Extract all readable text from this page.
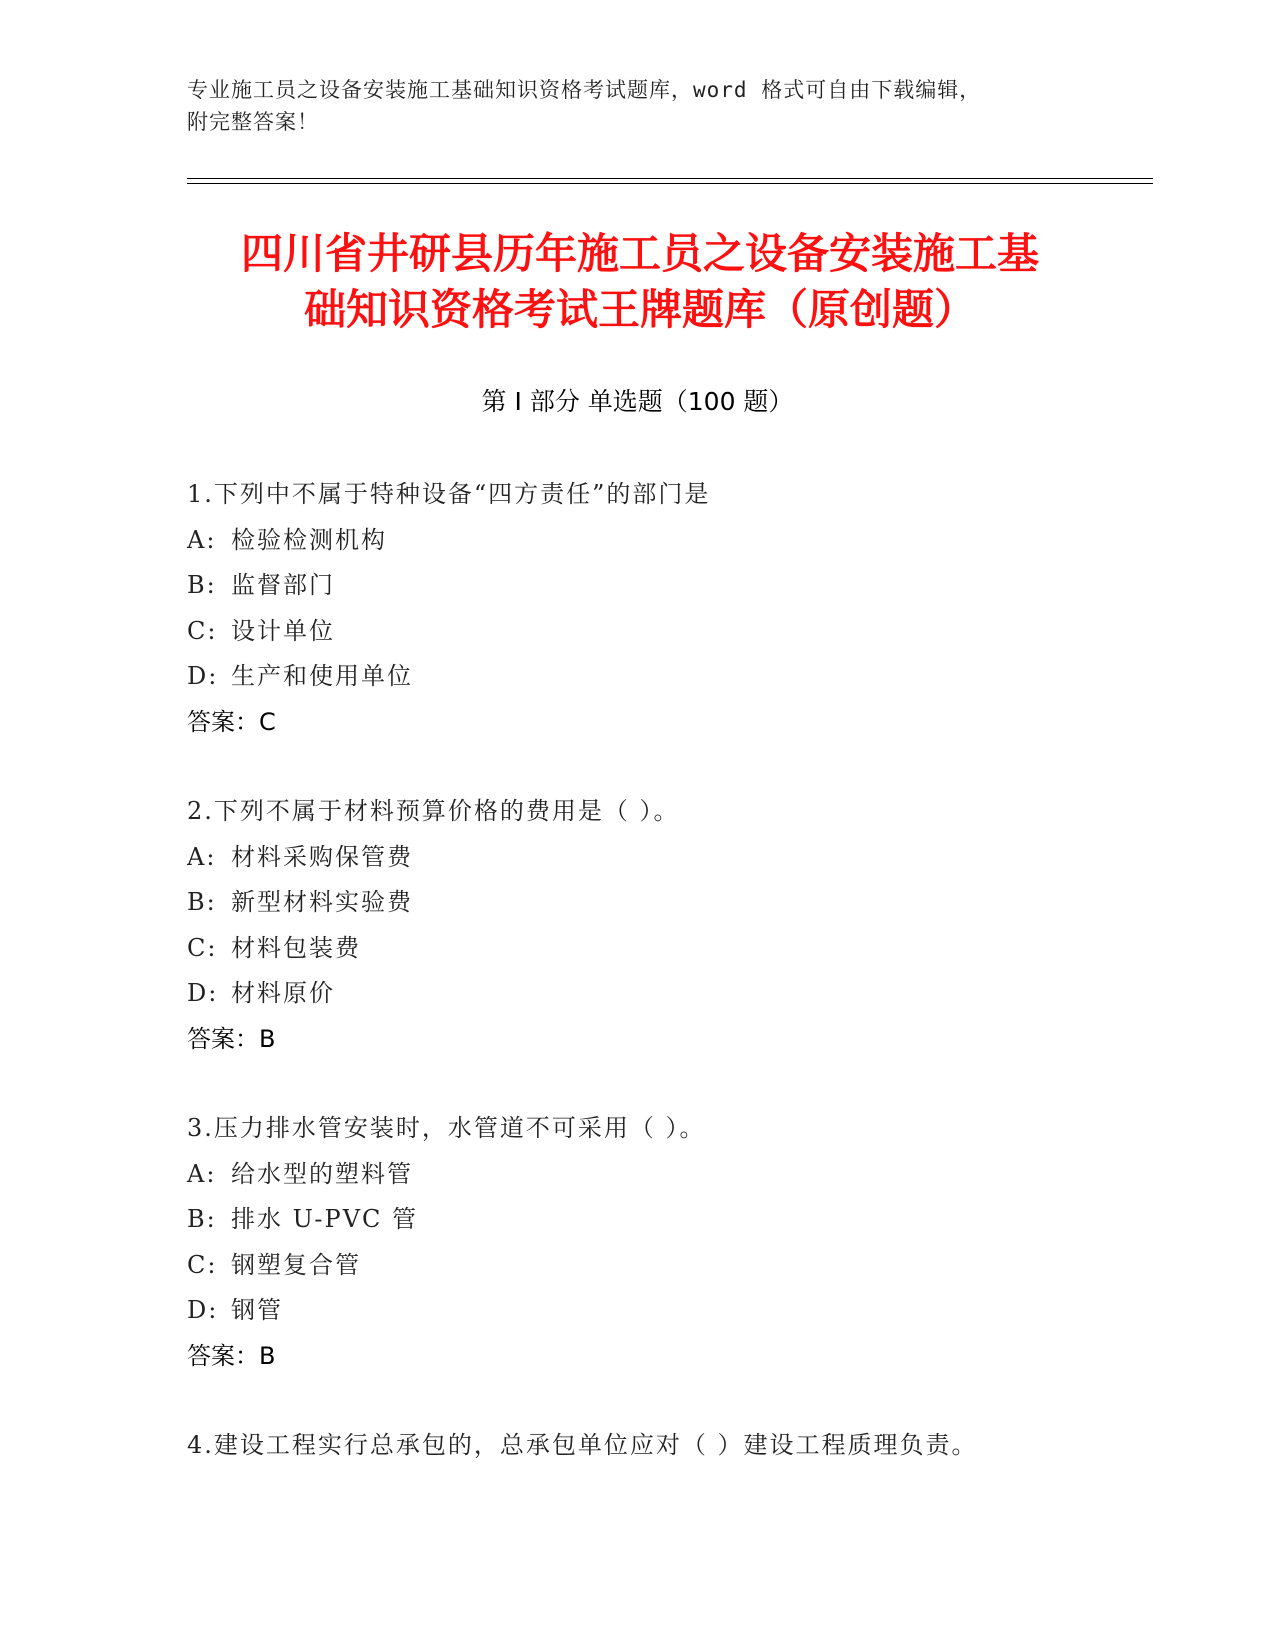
专业施工员之设备安装施工基础知识资格考试题库，word 格式可自由下载编辑，
附完整答案！
四川省井研县历年施工员之设备安装施工基
础知识资格考试王牌题库（原创题）
第 I 部分 单选题（100 题）
1.下列中不属于特种设备“四方责任”的部门是
A: 检验检测机构
B: 监督部门
C: 设计单位
D: 生产和使用单位
答案：C
2.下列不属于材料预算价格的费用是（ ）。
A: 材料采购保管费
B: 新型材料实验费
C: 材料包装费
D: 材料原价
答案：B
3.压力排水管安装时，水管道不可采用（ ）。
A: 给水型的塑料管
B: 排水 U-PVC 管
C: 钢塑复合管
D: 钢管
答案：B
4.建设工程实行总承包的，总承包单位应对（ ）建设工程质理负责。
